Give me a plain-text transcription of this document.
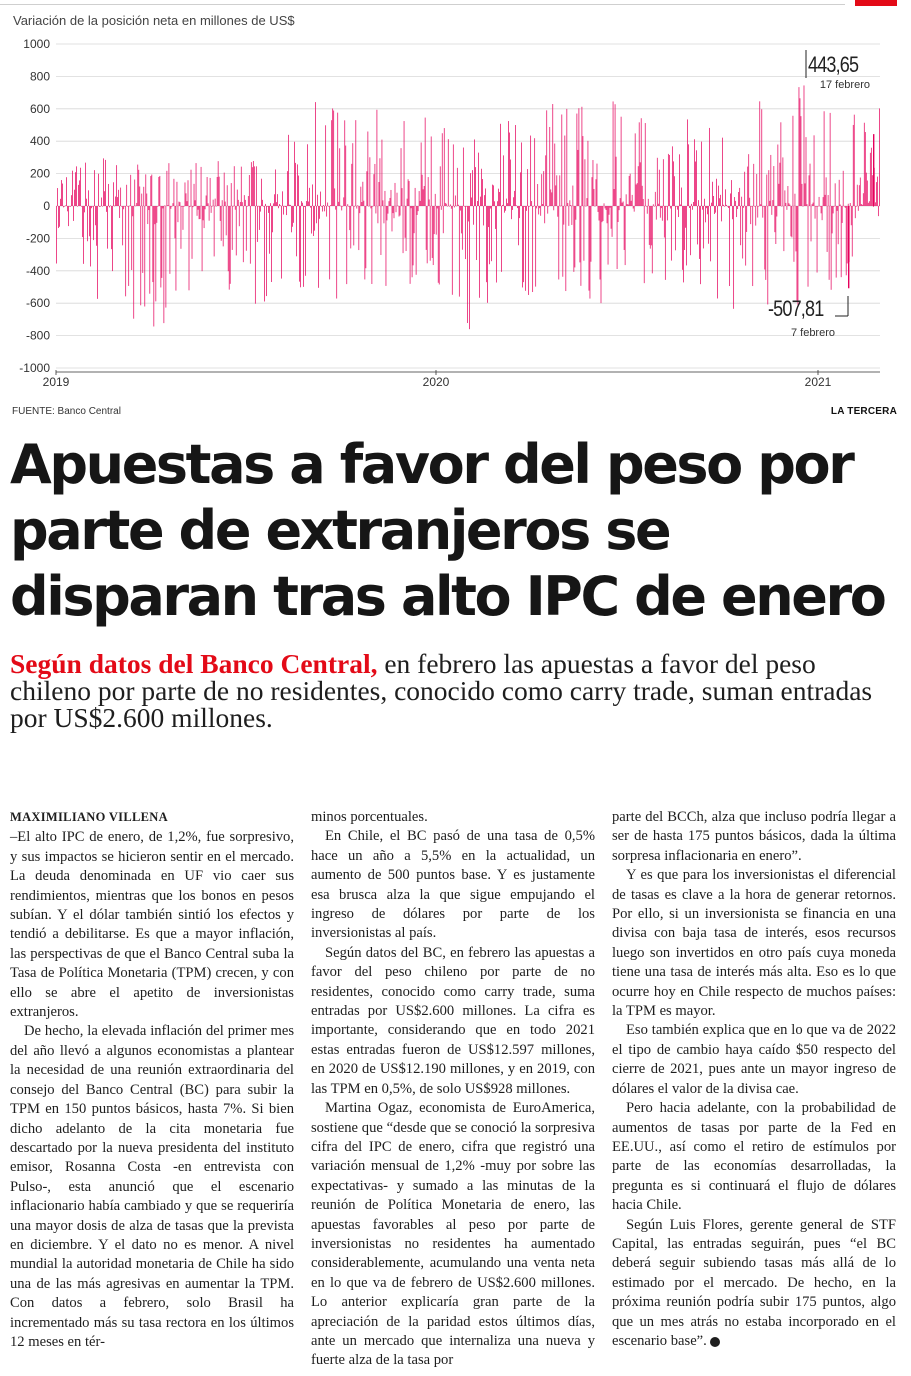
Variación de la posición neta en millones de US$
1000
800
600
400
200
0
-200
-400
-600
-800
-1000
2019	2020	2021
443,65
17 febrero
-507,81
7 febrero
FUENTE: Banco Central	LA TERCERA
Apuestas a favor del peso por parte de extranjeros se disparan tras alto IPC de enero

Según datos del Banco Central, en febrero las apuestas a favor del peso chileno por parte de no residentes, conocido como carry trade, suman entradas por US$2.600 millones.

MAXIMILIANO VILLENA

–El alto IPC de enero, de 1,2%, fue sorpresivo, y sus impactos se hicieron sentir en el mercado. La deuda denominada en UF vio caer sus rendimientos, mientras que los bonos en pesos subían. Y el dólar también sintió los efectos y tendió a debilitarse. Es que a mayor inflación, las perspectivas de que el Banco Central suba la Tasa de Política Monetaria (TPM) crecen, y con ello se abre el apetito de inversionistas extranjeros.

De hecho, la elevada inflación del primer mes del año llevó a algunos economistas a plantear la necesidad de una reunión extraordinaria del consejo del Banco Central (BC) para subir la TPM en 150 puntos básicos, hasta 7%. Si bien dicho adelanto de la cita monetaria fue descartado por la nueva presidenta del instituto emisor, Rosanna Costa -en entrevista con Pulso-, esta anunció que el escenario inflacionario había cambiado y que se requeriría una mayor dosis de alza de tasas que la prevista en diciembre. Y el dato no es menor. A nivel mundial la autoridad monetaria de Chile ha sido una de las más agresivas en aumentar la TPM. Con datos a febrero, solo Brasil ha incrementado más su tasa rectora en los últimos 12 meses en tér-

minos porcentuales.

En Chile, el BC pasó de una tasa de 0,5% hace un año a 5,5% en la actualidad, un aumento de 500 puntos base. Y es justamente esa brusca alza la que sigue empujando el ingreso de dólares por parte de los inversionistas al país.

Según datos del BC, en febrero las apuestas a favor del peso chileno por parte de no residentes, conocido como carry trade, suma entradas por US$2.600 millones. La cifra es importante, considerando que en todo 2021 estas entradas fueron de US$12.597 millones, en 2020 de US$12.190 millones, y en 2019, con las TPM en 0,5%, de solo US$928 millones.

Martina Ogaz, economista de EuroAmerica, sostiene que “desde que se conoció la sorpresiva cifra del IPC de enero, cifra que registró una variación mensual de 1,2% -muy por sobre las expectativas- y sumado a las minutas de la reunión de Política Monetaria de enero, las apuestas favorables al peso por parte de inversionistas no residentes ha aumentado considerablemente, acumulando una venta neta en lo que va de febrero de US$2.600 millones. Lo anterior explicaría gran parte de la apreciación de la paridad estos últimos días, ante un mercado que internaliza una nueva y fuerte alza de la tasa por

parte del BCCh, alza que incluso podría llegar a ser de hasta 175 puntos básicos, dada la última sorpresa inflacionaria en enero”.

Y es que para los inversionistas el diferencial de tasas es clave a la hora de generar retornos. Por ello, si un inversionista se financia en una divisa con baja tasa de interés, esos recursos luego son invertidos en otro país cuya moneda tiene una tasa de interés más alta. Eso es lo que ocurre hoy en Chile respecto de muchos países: la TPM es mayor.

Eso también explica que en lo que va de 2022 el tipo de cambio haya caído $50 respecto del cierre de 2021, pues ante un mayor ingreso de dólares el valor de la divisa cae.

Pero hacia adelante, con la probabilidad de aumentos de tasas por parte de la Fed en EE.UU., así como el retiro de estímulos por parte de las economías desarrolladas, la pregunta es si continuará el flujo de dólares hacia Chile.

Según Luis Flores, gerente general de STF Capital, las entradas seguirán, pues “el BC deberá seguir subiendo tasas más allá de lo estimado por el mercado. De hecho, en la próxima reunión podría subir 175 puntos, algo que un mes atrás no estaba incorporado en el escenario base”. P
